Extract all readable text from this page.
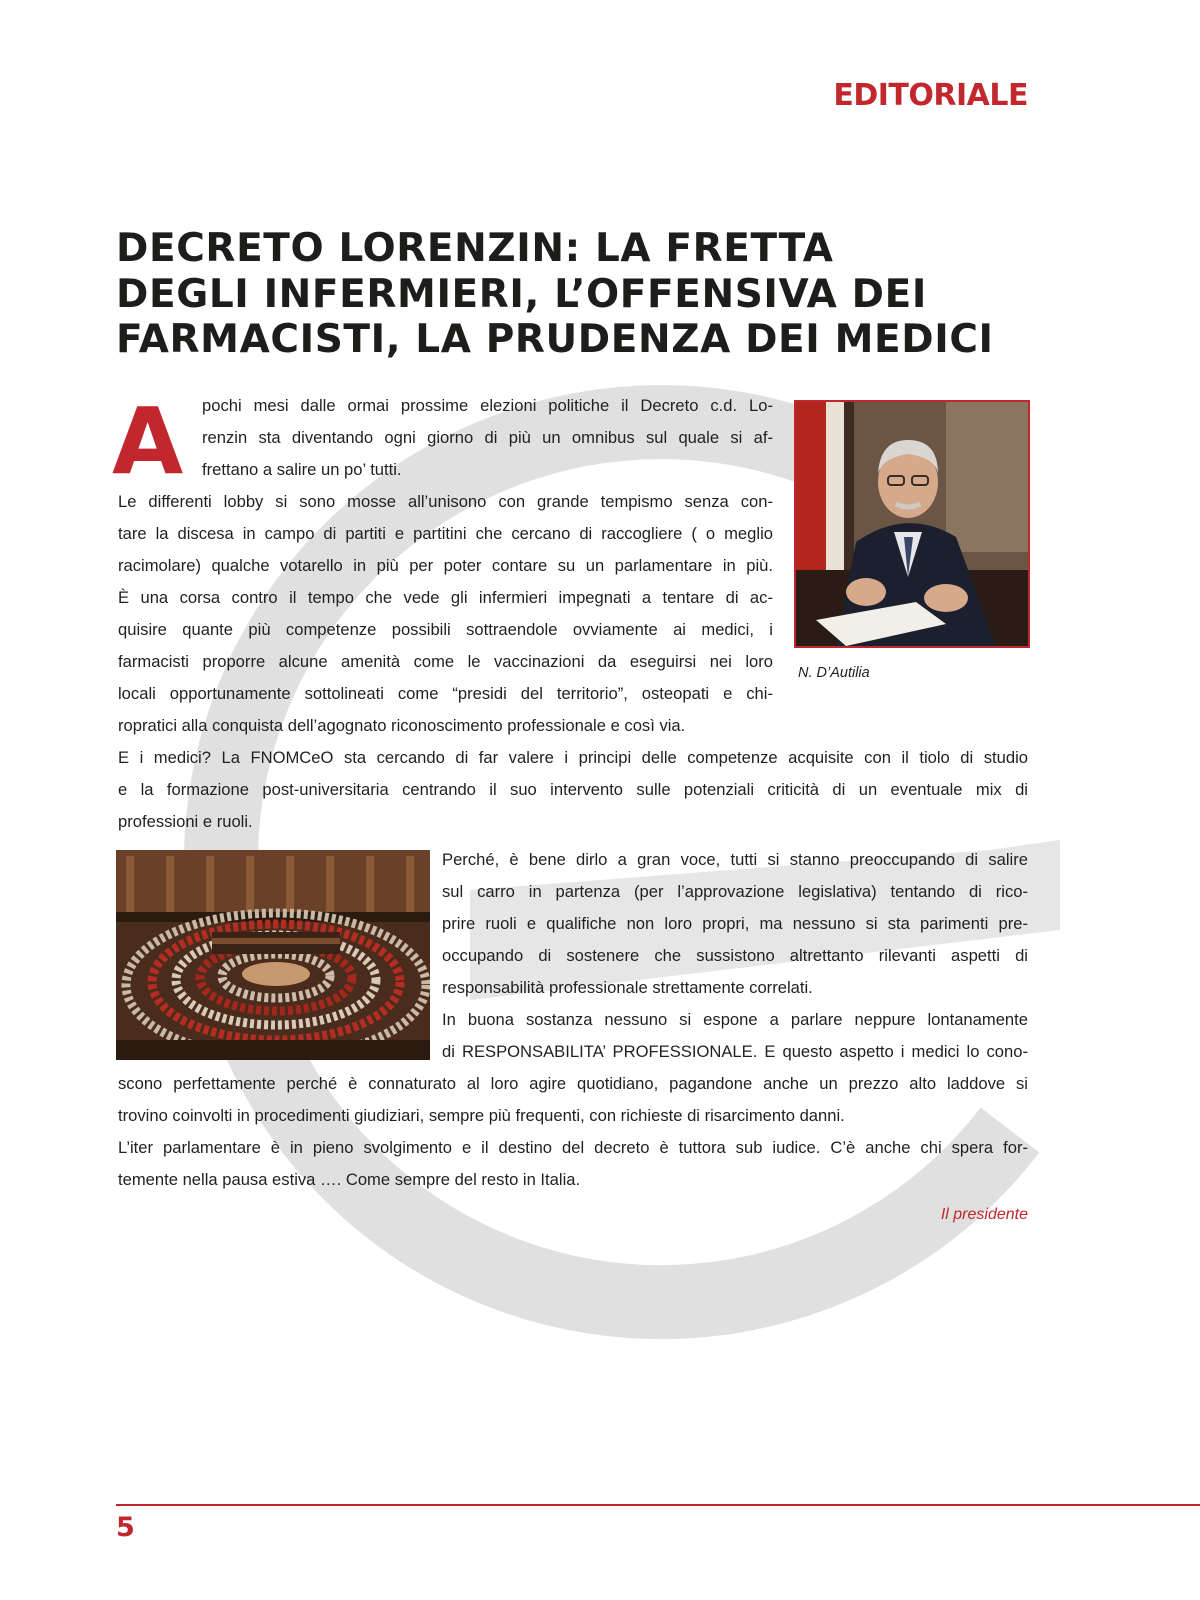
EDITORIALE
DECRETO LORENZIN: LA FRETTA
DEGLI INFERMIERI, L’OFFENSIVA DEI
FARMACISTI, LA PRUDENZA DEI MEDICI
A	pochi mesi dalle ormai prossime elezioni politiche il Decreto c.d. Lo-
renzin sta diventando ogni giorno di più un omnibus sul quale si af-
frettano a salire un po’ tutti.
Le differenti lobby si sono mosse all’unisono con grande tempismo senza con-
tare la discesa in campo di partiti e partitini che cercano di raccogliere ( o meglio
racimolare) qualche votarello in più per poter contare su un parlamentare in più.
È una corsa contro il tempo che vede gli infermieri impegnati a tentare di ac-
quisire quante più competenze possibili sottraendole ovviamente ai medici, i
farmacisti proporre alcune amenità come le vaccinazioni da eseguirsi nei loro
locali opportunamente sottolineati come “presidi del territorio”, osteopati e chi-
ropratici alla conquista dell’agognato riconoscimento professionale e così via.
N. D’Autilia
E i medici? La FNOMCeO sta cercando di far valere i principi delle competenze acquisite con il tiolo di studio
e la formazione post-universitaria centrando il suo intervento sulle potenziali criticità di un eventuale mix di
professioni e ruoli.
Perché, è bene dirlo a gran voce, tutti si stanno preoccupando di salire
sul carro in partenza (per l’approvazione legislativa) tentando di rico-
prire ruoli e qualifiche non loro propri, ma nessuno si sta parimenti pre-
occupando di sostenere che sussistono altrettanto rilevanti aspetti di
responsabilità professionale strettamente correlati.
In buona sostanza nessuno si espone a parlare neppure lontanamente
di RESPONSABILITA’ PROFESSIONALE. E questo aspetto i medici lo cono-
scono perfettamente perché è connaturato al loro agire quotidiano, pagandone anche un prezzo alto laddove si
trovino coinvolti in procedimenti giudiziari, sempre più frequenti, con richieste di risarcimento danni.
L’iter parlamentare è in pieno svolgimento e il destino del decreto è tuttora sub iudice. C’è anche chi spera for-
temente nella pausa estiva …. Come sempre del resto in Italia.
Il presidente
5
